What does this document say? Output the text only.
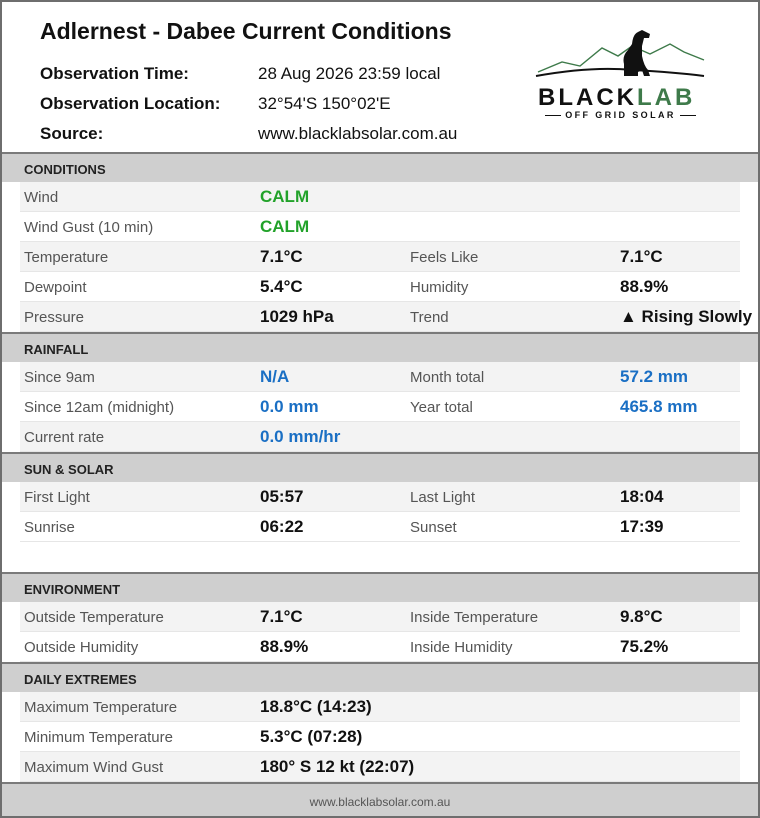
Adlernest - Dabee Current Conditions
Observation Time:	28 Aug 2026 23:59 local
Observation Location: 32°54'S 150°02'E
Source:	www.blacklabsolar.com.au
BLACKLAB
OFF GRID SOLAR
CONDITIONS
Wind	CALM
Wind Gust (10 min)	CALM
Temperature	7.1°C	Feels Like	7.1°C
Dewpoint	5.4°C	Humidity	88.9%
Pressure	1029 hPa	Trend	▲ Rising Slowly
RAINFALL
Since 9am	N/A	Month total	57.2 mm
Since 12am (midnight)	0.0 mm	Year total	465.8 mm
Current rate	0.0 mm/hr
SUN & SOLAR
First Light	05:57	Last Light	18:04
Sunrise	06:22	Sunset	17:39
ENVIRONMENT
Outside Temperature	7.1°C	Inside Temperature	9.8°C
Outside Humidity	88.9%	Inside Humidity	75.2%
DAILY EXTREMES
Maximum Temperature	18.8°C (14:23)
Minimum Temperature	5.3°C (07:28)
Maximum Wind Gust	180° S 12 kt (22:07)
www.blacklabsolar.com.au
